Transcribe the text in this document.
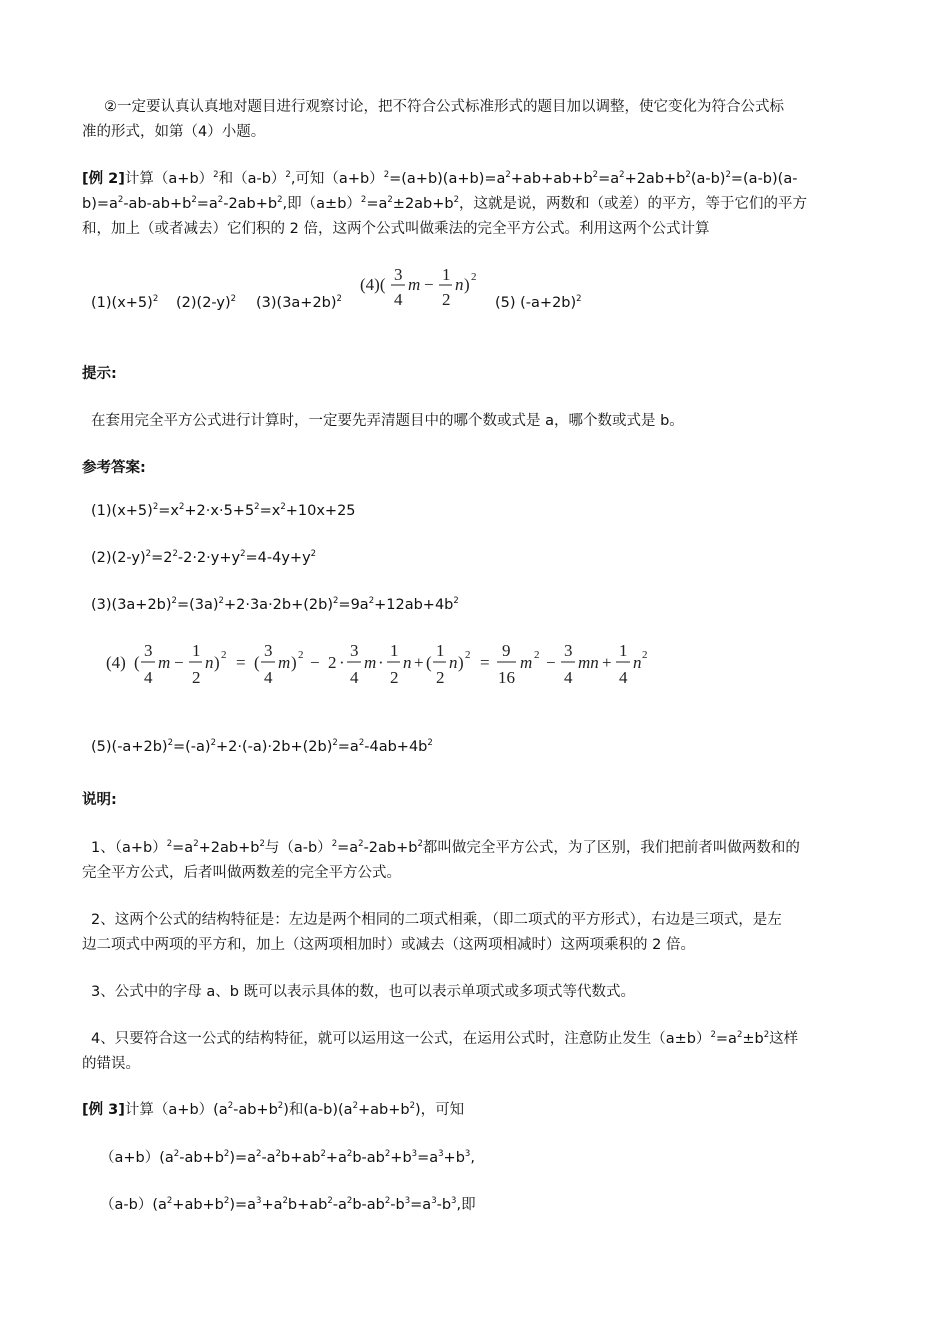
②一定要认真认真地对题目进行观察讨论，把不符合公式标准形式的题目加以调整，使它变化为符合公式标
准的形式，如第（4）小题。
[例 2]计算$(a+b)^2$和$(a-b)^2$,可知$(a+b)^2=(a+b)(a+b)=a^2+ab+ab+b^2=a^2+2ab+b^2(a-b)^2=(a-b)(a-$
$b)=a^2-ab-ab+b^2=a^2-2ab+b^2$,即$(a\pm b)^2=a^2\pm 2ab+b^2$，这就是说，两数和（或差）的平方，等于它们的平方
和，加上（或者减去）它们积的 2 倍，这两个公式叫做乘法的完全平方公式。利用这两个公式计算
$(1)(x+5)^2$ $(2)(2-y)^2$ $(3)(3a+2b)^2$
(4)(
3
4
m −
1
2
n ) 2
(5) $(-a+2b)^2$
提示:
在套用完全平方公式进行计算时，一定要先弄清题目中的哪个数或式是 a，哪个数或式是 b。
参考答案:
$(1)(x+5)^2=x^2+2\cdot x\cdot 5+5^2=x^2+10x+25$
$(2)(2-y)^2=2^2-2\cdot 2\cdot y+y^2=4-4y+y^2$
$(3)(3a+2b)^2=(3a)^2+2\cdot 3a\cdot 2b+(2b)^2=9a^2+12ab+4b^2$
(4) (
3
4
m −
1
2
n ) 2 = (
3
4
m ) 2 − 2 ·
3
4
m ·
1
2
n + (
1
2
n ) 2 =
9
16
m 2 −
3
4
mn +
1
4
n 2
$(5)(-a+2b)^2=(-a)^2+2\cdot(-a)\cdot 2b+(2b)^2=a^2-4ab+4b^2$
说明:
1、$(a+b)^2=a^2+2ab+b^2$与$(a-b)^2=a^2-2ab+b^2$都叫做完全平方公式，为了区别，我们把前者叫做两数和的
完全平方公式，后者叫做两数差的完全平方公式。
2、这两个公式的结构特征是：左边是两个相同的二项式相乘，（即二项式的平方形式），右边是三项式，是左
边二项式中两项的平方和，加上（这两项相加时）或减去（这两项相减时）这两项乘积的 2 倍。
3、公式中的字母 a、b 既可以表示具体的数，也可以表示单项式或多项式等代数式。
4、只要符合这一公式的结构特征，就可以运用这一公式，在运用公式时，注意防止发生$(a\pm b)^2=a^2\pm b^2$这样
的错误。
[例 3]计算$(a+b)(a^2-ab+b^2)$和$(a-b)(a^2+ab+b^2)$，可知
$(a+b)(a^2-ab+b^2)=a^2-a^2b+ab^2+a^2b-ab^2+b^3=a^3+b^3$,
$(a-b)(a^2+ab+b^2)=a^3+a^2b+ab^2-a^2b-ab^2-b^3=a^3-b^3$,即
